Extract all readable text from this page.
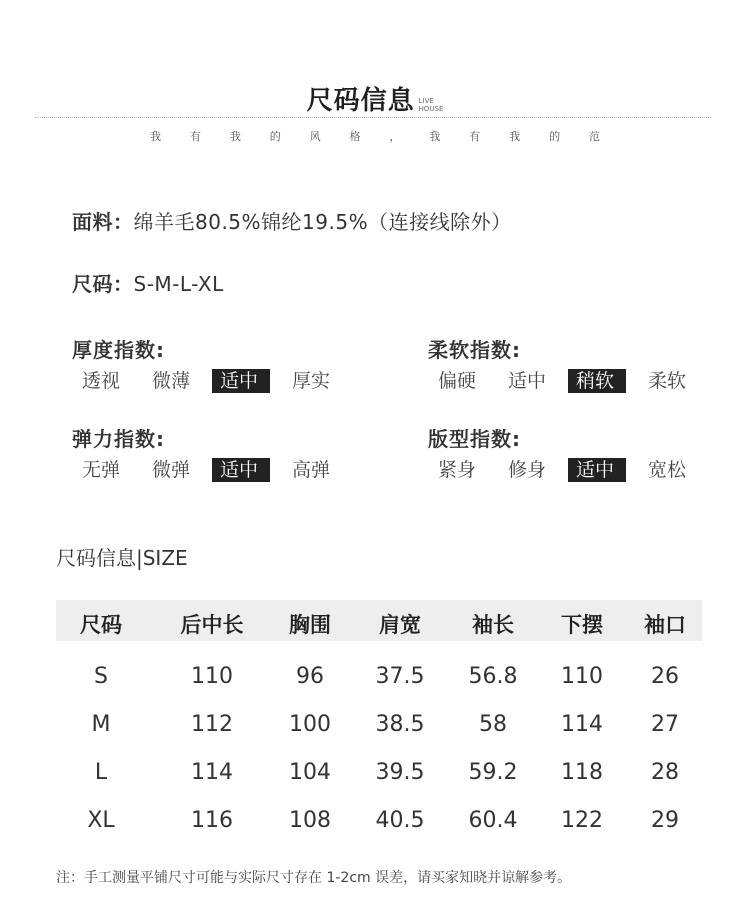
尺码信息 LIVE
HOUSE
我	有	我	的	风	格	，	我	有	我	的	范
面料：绵羊毛80.5%锦纶19.5%（连接线除外）
尺码：S-M-L-XL
厚度指数:
透视	微薄	适中	厚实
柔软指数:
偏硬	适中	稍软	柔软
弹力指数:
无弹	微弹	适中	高弹
版型指数:
紧身	修身	适中	宽松
尺码信息|SIZE
尺码	后中长 胸围 肩宽 袖长 下摆 袖口
S	110	96 37.5 56.8 110 26
M	112	100 38.5 58 114 27
L	114	104 39.5 59.2 118 28
XL	116	108 40.5 60.4 122 29
注：手工测量平铺尺寸可能与实际尺寸存在 1-2cm 误差，请买家知晓并谅解参考。
